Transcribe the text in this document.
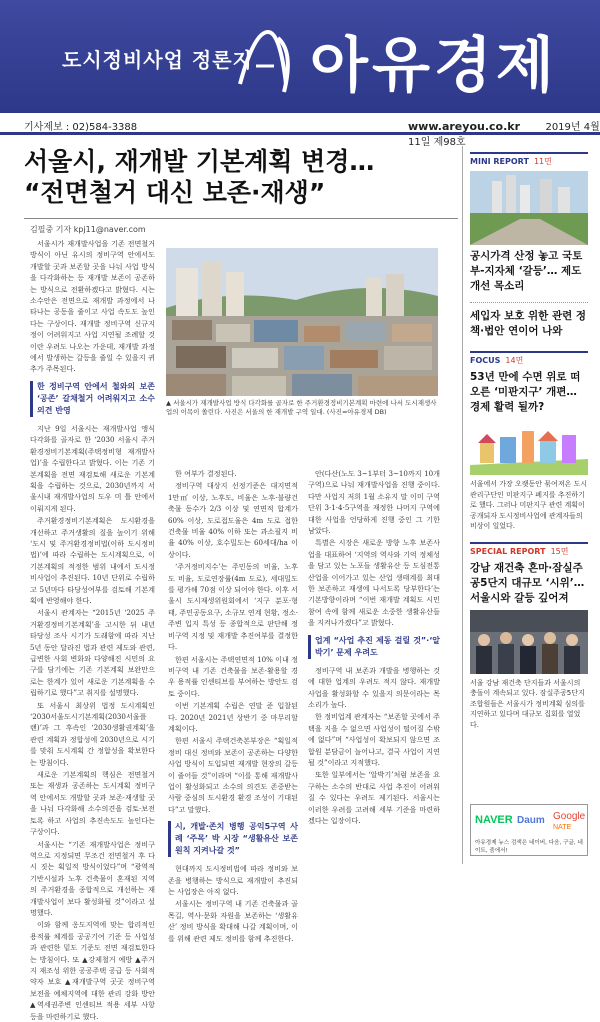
도시정비사업 정론지 아유경제
기사제보 : 02)584-3388	www.areyou.co.kr	2019년 4월 11일 제98호
서울시, 재개발 기본계획 변경…
“전면철거 대신 보존·재생”
김필중 기자 kpj11@naver.com

서울시가 재개발사업을 기존 전면철거 방식이 아닌 유시의 정비구역 안에서도 개발할 곳과 보존할 곳을 나눠 사업 방식을 다각화하는 등 재개발 보존이 공존하는 방식으로 전환하겠다고 밝혔다. 시는 소수안은 전면으로 재개발 과정에서 나타나는 공동을 줄이고 사업 속도도 높인다는 구상이다. 재개발 정비구역 신규지정이 어려워지고 사업 지연될 조례할 것이란 우려도 나오는 가운데, 재개발 과정에서 발생하는 갈등을 줄일 수 있을지 귀추가 주목된다.

한 정비구역 안에서 철와의 보존 ‘공존’ 갈채철거 어려워지고 소수의견 반영

지난 9일 서울시는 재개발사업 앵식 다각화를 골자로 한 ‘2030 서울시 주거환경정비기본계획(주택정비형 재개발사업)’을 수립한다고 밝혔다. 이는 기존 기본계획을 전면 재검토해 새로운 기본계획을 수립하는 것으로, 2030년까지 서울시내 재개발사업의 도우 미 틀 안에서 이뤄지게 된다.

주거환경정비기본계획은 도시환경을 개선하고 주거생활의 질을 높이기 위해 ‘도시 및 주거환경정비법(이하 도시정비법)’에 따라 수립하는 도시계획으로, 이 기본계획의 적정한 범위 내에서 도시정비사업이 추진된다. 10년 단위로 수립하고 5년마다 타당성여부를 검토해 기본계획에 반영해야 한다.

서울시 관계자는 “2015년 ‘2025 주거환경정비기본계획’을 고시한 뒤 내년 타당성 조사 시기가 도래함에 따라 지난 5년 동안 달라진 법과 관련 제도와 관련, 급변한 사회 변화와 다양해진 시민의 요구를 담기에는 기존 기본계획 보완만으로는 한계가 있어 새로운 기본계획을 수립하기로 했다”고 취지를 설명했다.

또 서울시 최상위 법정 도시계획인 ‘2030서울도시기본계획(2030서울플랜)’과 그 후속인 ‘2030생활권계획’을 관련 계획과 정합성에 2030년으로 시기를 맞춰 도시계획 간 정합성을 확보한다는 방침이다.

새로운 기본계획의 핵심은 전면철거 또는 재생과 공존하는 도시계획 정비구역 안에서도 개발할 곳과 보존·재생할 곳을 나눠 다각화해 소수의견을 검토·보전토록 하고 사업의 추진속도도 높인다는 구상이다.

서울시는 “기존 재개발사업은 정비구역으로 지정되면 무조건 전면철거 후 다시 짓는 획일적 방식이었다”며 “광역적 기반시설과 노후 건축물이 혼재된 지역의 주거환경을 종합적으로 개선하는 재개발사업이 보다 활성화될 것”이라고 설명했다.

이와 함께 옹도지역에 맞는 합리적인 용적률 체계를 공공기여 기준 등 사업성과 관련한 밑도 기준도 전면 재검토한다는 방침이다. 또 ▲강제철거 예방 ▲주거지 재조성 위한 공공주택 공급 등 사회적 약자 보호 ▲재개발구역 곳곳 정비구역 보전을 예체지역에 대한 관리 강화 방안 ▲역세권주변 인센티브 적용 세부 사항 등을 마련하기로 했다.

▲ 서울시가 재개발사업 방식 다각화를 골자로 한 주거환경정비기본계획 마련에 나서 도시재생사업의 이목이 쏠린다. 사진은 서울의 한 재개발 구역 일대. (사진=아유경제 DB)

한 여부가 결정된다.

정비구역 대상지 선정기준은 대지면적 1만㎡ 이상, 노후도, 비율은 노후·불량건축물 동수가 2/3 이상 및 연면적 합계가 60% 이상, 도로접도율은 4m 도로 접한 건축물 비율 40% 이하 또는 과소필지 비율 40% 이상, 호수밀도는 60세대/ha 이상이다.

‘주거정비지수’는 주민동의 비율, 노후도 비율, 도로연장률(4m 도로), 세대밀도를 평가해 70점 이상 되어야 한다. 이후 서울시 도시재생위원회에서 ‘지구 분포·형태, 주민공동요구, 소규모 연계 현황, 정소·주변 입지 특성 등 종합적으로 판단해 정비구역 지정 및 재개발 추진여부를 결정한다.

한편 서울시는 주택연면적 10% 이내 정비구역 내 기존 건축물을 보존·활용할 경우 용적률 인센티브를 부여하는 방안도 검토 중이다.

이번 기본계획 수립은 연말 준 입찰된다. 2020년 2021년 상반기 중 마무리할 계획이다.

한편 서울시 주택건축본부장은 “획일적 정비 대신 정비와 보존이 공존하는 다양한 사업 방식이 도입되면 재개발 현장의 갈등이 줄어들 것”이라며 “이를 통해 재개발사업이 활성화되고 소수의 의견도 존중받는 사람 중심의 도시환경 환경 조성이 기대된다”고 말했다.

시, 개발·존치 병행 공익5구역 사례 ‘주목’ 박 시장 “생활유산 보존 원칙 지켜나갈 것”

현대까지 도시정비법에 따라 정비와 보존을 병행하는 방식으로 재개발이 추진되는 사업장은 아직 없다.

서울시는 정비구역 내 기존 건축물과 골목길, 역사·문화 자원을 보존하는 ‘생활유산’ 정비 방식을 확대해 나갈 계획이며, 이를 위해 관련 제도 정비를 함께 추진한다.

안(다산(노도 3~1부터 3~10까지 10개 구역)으로 나눠 재개발사업을 진행 중이다. 다만 사업지 저희 1월 소유지 말 이미 구역 단위 3·1·4·5구역을 재정한 나머지 구역에 대한 사업을 언당하게 진행 중인 그 기한 남았다.

특별은 시장은 새로운 방향 노후 보존사업을 대표하여 ‘지역의 역사와 기억 정체성을 담고 있는 노포들 생활유산 등 도심전통산업을 이어가고 있는 산업 생태계를 최대한 보존하고 재생에 나서도록 당부한다’는 기본방향이라며 “이번 재개발 계획도 시민 참여 속에 함께 새로운 소중한 생활유산들을 지켜나가겠다”고 밝혔다.

업계 “사업 추진 제동 걸릴 것”·‘알박기’ 문제 우려도

정비구역 내 보존과 개발을 병행하는 것에 대한 업계의 우려도 적지 않다. 재개발사업을 활성화할 수 있을지 의문이라는 목소리가 높다.

한 정비업계 관계자는 “보존할 곳에서 주택을 지을 수 없으면 사업성이 떨어질 수밖에 없다”며 “사업성이 확보되지 않으면 조합원 분담금이 늘어나고, 결국 사업이 지연될 것”이라고 지적했다.

또한 일부에서는 ‘알박기’처럼 보존을 요구하는 소수의 반대로 사업 추진이 어려워질 수 있다는 우려도 제기된다. 서울시는 이러한 우려를 고려해 세부 기준을 마련하겠다는 입장이다.

MINI REPORT 11면
공시가격 산정 놓고 국토부-지자체 ‘갈등’… 제도 개선 목소리
세입자 보호 위한 관련 정책·법안 연이어 나와
FOCUS 14면
53년 만에 수면 위로 떠오른 ‘미판지구’ 개편… 경제 활력 될까?
서울에서 가장 오랫동안 묶여져온 도시관리구단인 미판지구 폐지를 추진하기로 했다. 그러나 미판지구 관련 계획이 공개되자 도시정비사업에 관계자들의 비상이 일었다.
SPECIAL REPORT 15면
강남 재건축 흔마·잠실주공5단지 대규모 ‘시위’… 서울시와 갈등 깊어져
서울 강남 재건축 단지들과 서울시의 충돌이 계속되고 있다. 잠실주공5단지 조합원들은 서울시가 정비계획 심의를 지연하고 있다며 대규모 집회를 열었다.
NAVER Daum Google
NATE
아유경제 뉴스 검색은 네이버, 다음, 구글, 네이트, 줌에서!
